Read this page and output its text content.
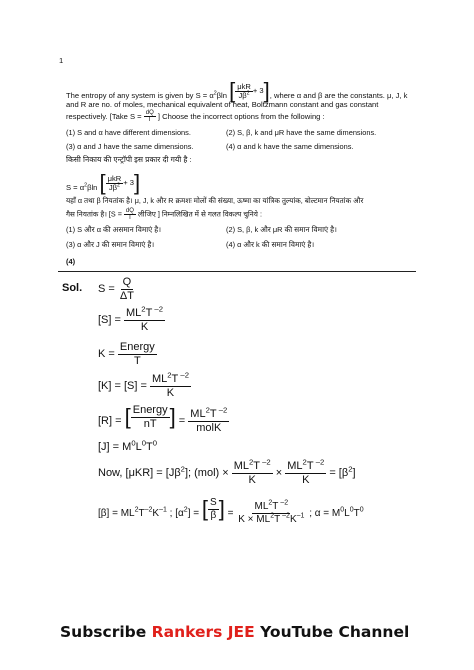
1
The entropy of any system is given by $S = \alpha^2\beta\ln$ [ $\frac{\text{μkR}}{J\beta^2} + 3$ ] , where α and β are the constants. μ, J, k
and R are no. of moles, mechanical equivalent of heat, Boltzmann constant and gas constant
respectively. [Take $S = \frac{dQ}{T}$ ] Choose the incorrect options from the following :
(1) S and α have different dimensions.	(2) S, β, k and μR have the same dimensions.
(3) α and J have the same dimensions.	(4) α and k have the same dimensions.
किसी निकाय की एन्ट्रॉपी इस प्रकार दी गयी है :
$S = \alpha^2\beta\ln$ [ $\frac{\text{μkR}}{J\beta^2} + 3$ ]
यहाँ α तथा β नियतांक है। μ, J, k और R क्रमशः मोलों की संख्या, ऊष्मा का यांत्रिक तुल्यांक, बोल्टमान नियतांक और
गैस नियतांक है। [$S = \frac{dQ}{T}$ लीजिए ] निम्नलिखित में से गलत विकल्प चुनिये :
(1) S और α की असमान विमाएं है।	(2) S, β, k और μR की समान विमाएं है।
(3) α और J की समान विमाएं है।	(4) α और k की समान विमाएं है।
(4)
Sol. $S = \frac{Q}{\Delta T}$
$[S] = \frac{ML^2T ^{-2}}{K}$
$K = \frac{\text{Energy}}{T}$
$[K] = [S] = \frac{ML^2T ^{-2}}{K}$
[R] = [ $\frac{\text{Energy}}{nT}$ ] = $\frac{ML^2T ^{-2}}{\text{molK}}$
$[J] = M^0L^0T^0$
Now, $[\mu KR] = [J\beta^2]$; $(mol) \times \frac{ML^2T ^{-2}}{K} \times \frac{ML^2T ^{-2}}{K} = [\beta^2]$
$[\beta] = ML^2T^{-2}K^{-1}$ ; $[\alpha^2]$ = [ $\frac{S}{\beta}$ ] = $\frac{ML^2T ^{-2}}{K \times ML^2T ^{-2}K^{-1}}$ ; $\alpha = M^0L^0T^0$
Subscribe Rankers JEE YouTube Channel
